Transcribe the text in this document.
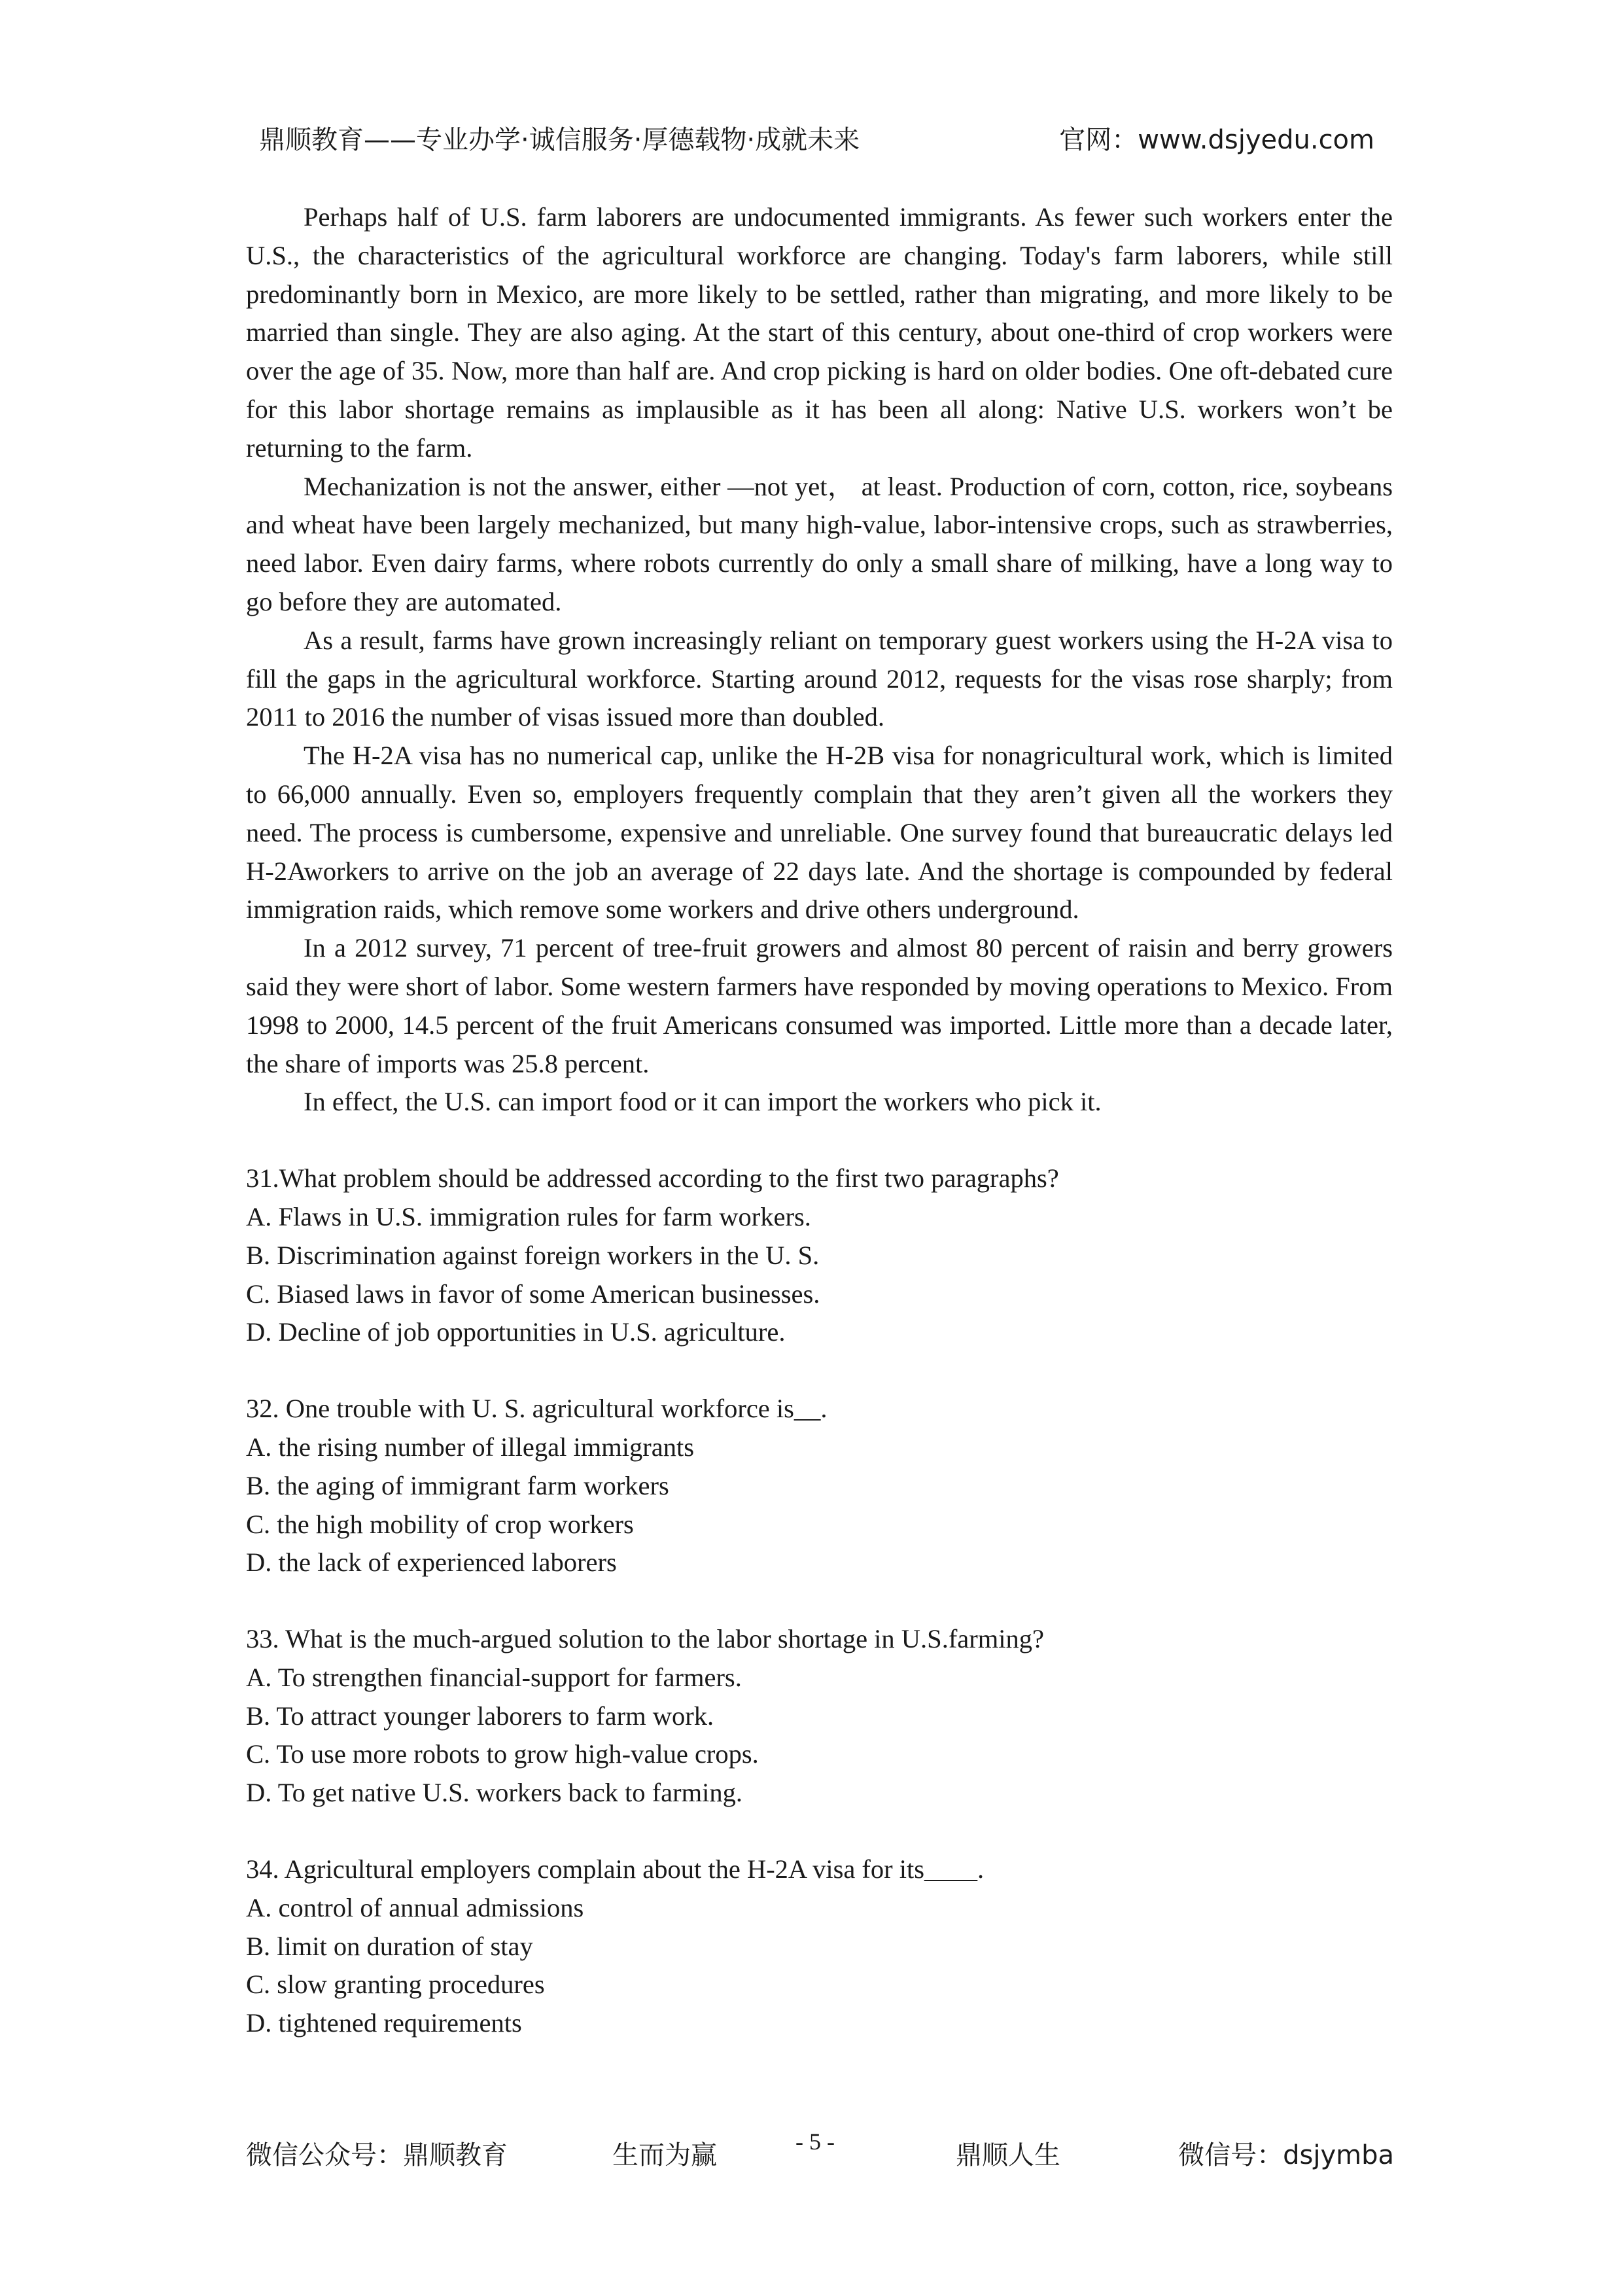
鼎顺教育——专业办学·诚信服务·厚德载物·成就未来	官网：www.dsjyedu.com

Perhaps half of U.S. farm laborers are undocumented immigrants. As fewer such workers enter the U.S., the characteristics of the agricultural workforce are changing. Today's farm laborers, while still predominantly born in Mexico, are more likely to be settled, rather than migrating, and more likely to be married than single. They are also aging. At the start of this century, about one-third of crop workers were over the age of 35. Now, more than half are. And crop picking is hard on older bodies. One oft-debated cure for this labor shortage remains as implausible as it has been all along: Native U.S. workers won’t be returning to the farm.

Mechanization is not the answer, either —not yet， at least. Production of corn, cotton, rice, soybeans and wheat have been largely mechanized, but many high-value, labor-intensive crops, such as strawberries, need labor. Even dairy farms, where robots currently do only a small share of milking, have a long way to go before they are automated.

As a result, farms have grown increasingly reliant on temporary guest workers using the H-2A visa to fill the gaps in the agricultural workforce. Starting around 2012, requests for the visas rose sharply; from 2011 to 2016 the number of visas issued more than doubled.

The H-2A visa has no numerical cap, unlike the H-2B visa for nonagricultural work, which is limited to 66,000 annually. Even so, employers frequently complain that they aren’t given all the workers they need. The process is cumbersome, expensive and unreliable. One survey found that bureaucratic delays led H-2Aworkers to arrive on the job an average of 22 days late. And the shortage is compounded by federal immigration raids, which remove some workers and drive others underground.

In a 2012 survey, 71 percent of tree-fruit growers and almost 80 percent of raisin and berry growers said they were short of labor. Some western farmers have responded by moving operations to Mexico. From 1998 to 2000, 14.5 percent of the fruit Americans consumed was imported. Little more than a decade later, the share of imports was 25.8 percent.

In effect, the U.S. can import food or it can import the workers who pick it.

31.What problem should be addressed according to the first two paragraphs?

A. Flaws in U.S. immigration rules for farm workers.

B. Discrimination against foreign workers in the U. S.

C. Biased laws in favor of some American businesses.

D. Decline of job opportunities in U.S. agriculture.

32. One trouble with U. S. agricultural workforce is__.

A. the rising number of illegal immigrants

B. the aging of immigrant farm workers

C. the high mobility of crop workers

D. the lack of experienced laborers

33. What is the much-argued solution to the labor shortage in U.S.farming?

A. To strengthen financial-support for farmers.

B. To attract younger laborers to farm work.

C. To use more robots to grow high-value crops.

D. To get native U.S. workers back to farming.

34. Agricultural employers complain about the H-2A visa for its____.

A. control of annual admissions

B. limit on duration of stay

C. slow granting procedures

D. tightened requirements

微信公众号：鼎顺教育	生而为赢	- 5 -	鼎顺人生	微信号：dsjymba
